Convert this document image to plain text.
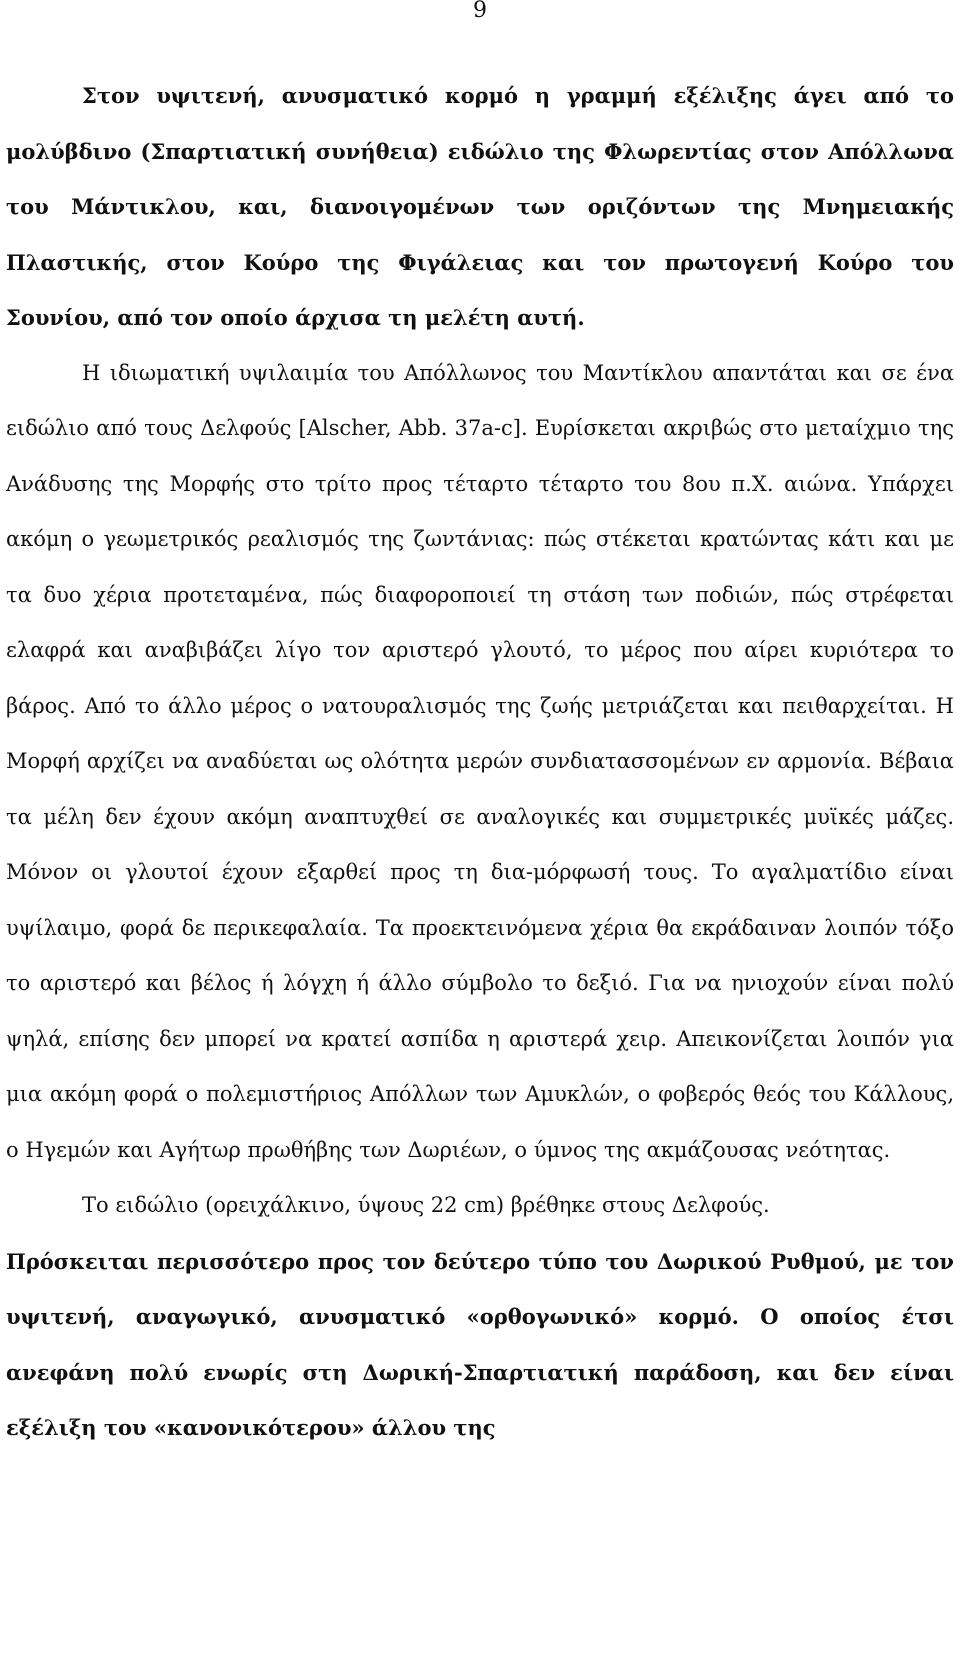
9

Στον υψιτενή, ανυσματικό κορμό η γραμμή εξέλιξης άγει από το μολύβδινο (Σπαρτιατική συνήθεια) ειδώλιο της Φλωρεντίας στον Απόλλωνα του Μάντικλου, και, διανοιγομένων των οριζόντων της Μνημειακής Πλαστικής, στον Κούρο της Φιγάλειας και τον πρωτογενή Κούρο του Σουνίου, από τον οποίο άρχισα τη μελέτη αυτή.

Η ιδιωματική υψιλαιμία του Απόλλωνος του Μαντίκλου απαντάται και σε ένα ειδώλιο από τους Δελφούς [Alscher, Abb. 37a-c]. Ευρίσκεται ακριβώς στο μεταίχμιο της Ανάδυσης της Μορφής στο τρίτο προς τέταρτο τέταρτο του 8ου π.Χ. αιώνα. Υπάρχει ακόμη ο γεωμετρικός ρεαλισμός της ζωντάνιας: πώς στέκεται κρατώντας κάτι και με τα δυο χέρια προτεταμένα, πώς διαφοροποιεί τη στάση των ποδιών, πώς στρέφεται ελαφρά και αναβιβάζει λίγο τον αριστερό γλουτό, το μέρος που αίρει κυριότερα το βάρος. Από το άλλο μέρος ο νατουραλισμός της ζωής μετριάζεται και πειθαρχείται. Η Μορφή αρχίζει να αναδύεται ως ολότητα μερών συνδιατασσομένων εν αρμονία. Βέβαια τα μέλη δεν έχουν ακόμη αναπτυχθεί σε αναλογικές και συμμετρικές μυϊκές μάζες. Μόνον οι γλουτοί έχουν εξαρθεί προς τη δια-μόρφωσή τους. Το αγαλματίδιο είναι υψίλαιμο, φορά δε περικεφαλαία. Τα προεκτεινόμενα χέρια θα εκράδαιναν λοιπόν τόξο το αριστερό και βέλος ή λόγχη ή άλλο σύμβολο το δεξιό. Για να ηνιοχούν είναι πολύ ψηλά, επίσης δεν μπορεί να κρατεί ασπίδα η αριστερά χειρ. Απεικονίζεται λοιπόν για μια ακόμη φορά ο πολεμιστήριος Απόλλων των Αμυκλών, ο φοβερός θεός του Κάλλους, ο Ηγεμών και Αγήτωρ πρωθήβης των Δωριέων, ο ύμνος της ακμάζουσας νεότητας.

Το ειδώλιο (ορειχάλκινο, ύψους 22 cm) βρέθηκε στους Δελφούς.

Πρόσκειται περισσότερο προς τον δεύτερο τύπο του Δωρικού Ρυθμού, με τον υψιτενή, αναγωγικό, ανυσματικό «ορθογωνικό» κορμό. Ο οποίος έτσι ανεφάνη πολύ ενωρίς στη Δωρική-Σπαρτιατική παράδοση, και δεν είναι εξέλιξη του «κανονικότερου» άλλου της
